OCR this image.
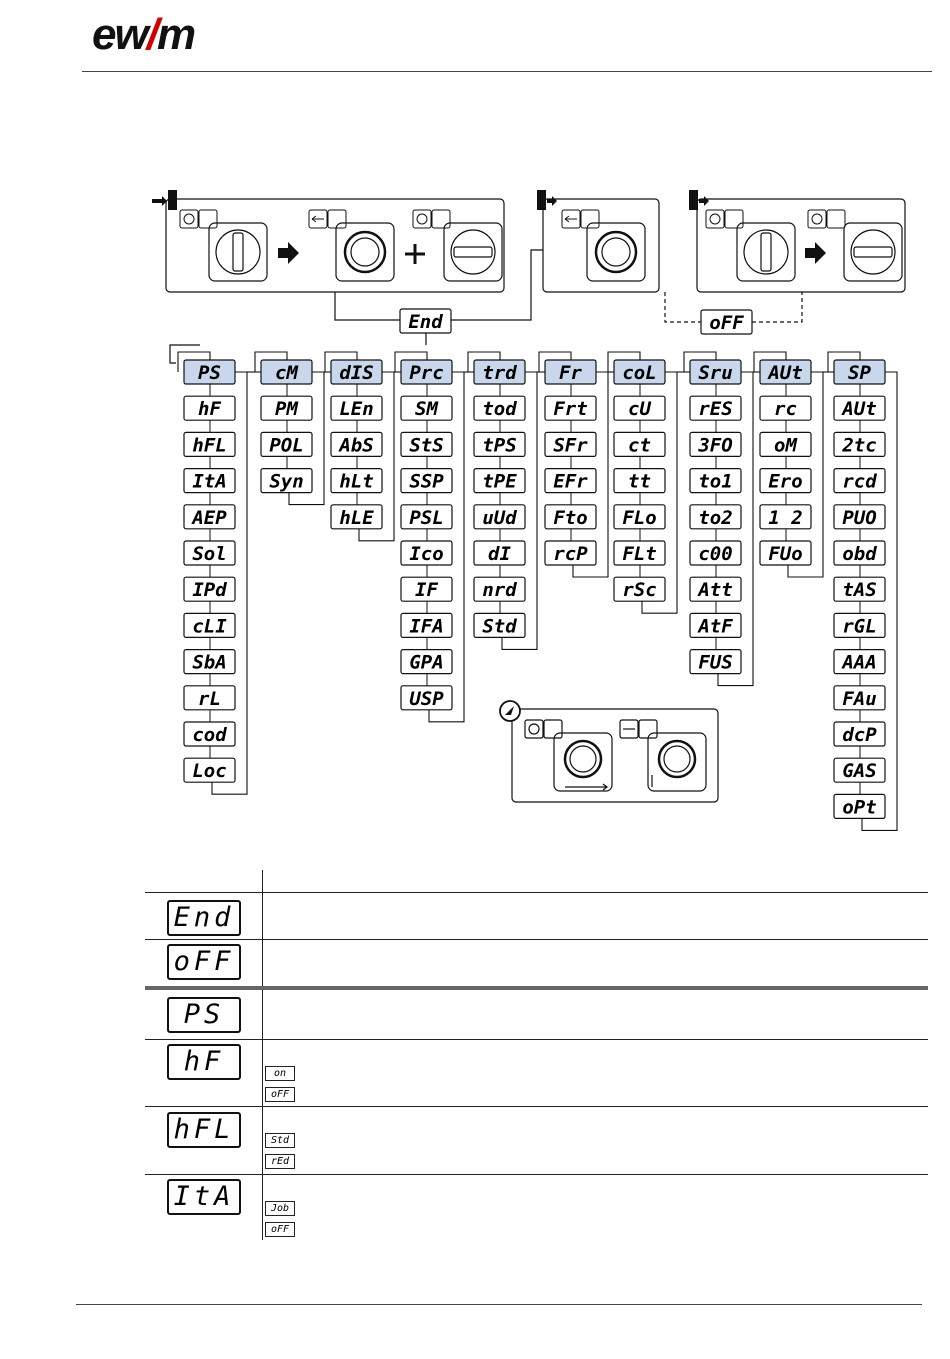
ew/m
End	oFF
PS
hF
hFL
ItA
AEP
Sol
IPd
cLI
SbA
rL
cod
Loc
cM
PM
POL
Syn
dIS
LEn
AbS
hLt
hLE
Prc
SM
StS
SSP
PSL
Ico
IF
IFA
GPA
USP
trd
tod
tPS
tPE
uUd
dI
nrd
Std
Fr
Frt
SFr
EFr
Fto
rcP
coL
cU
ct
tt
FLo
FLt
rSc
Sru
rES
3FO
to1
to2
c00
Att
AtF
FUS
AUt
rc
oM
Ero
1 2
FUo
SP
AUt
2tc
rcd
PUO
obd
tAS
rGL
AAA
FAu
dcP
GAS
oPt
End
oFF
PS
hF
hFL
ItA
on
oFF
Std
rEd
Job
oFF
